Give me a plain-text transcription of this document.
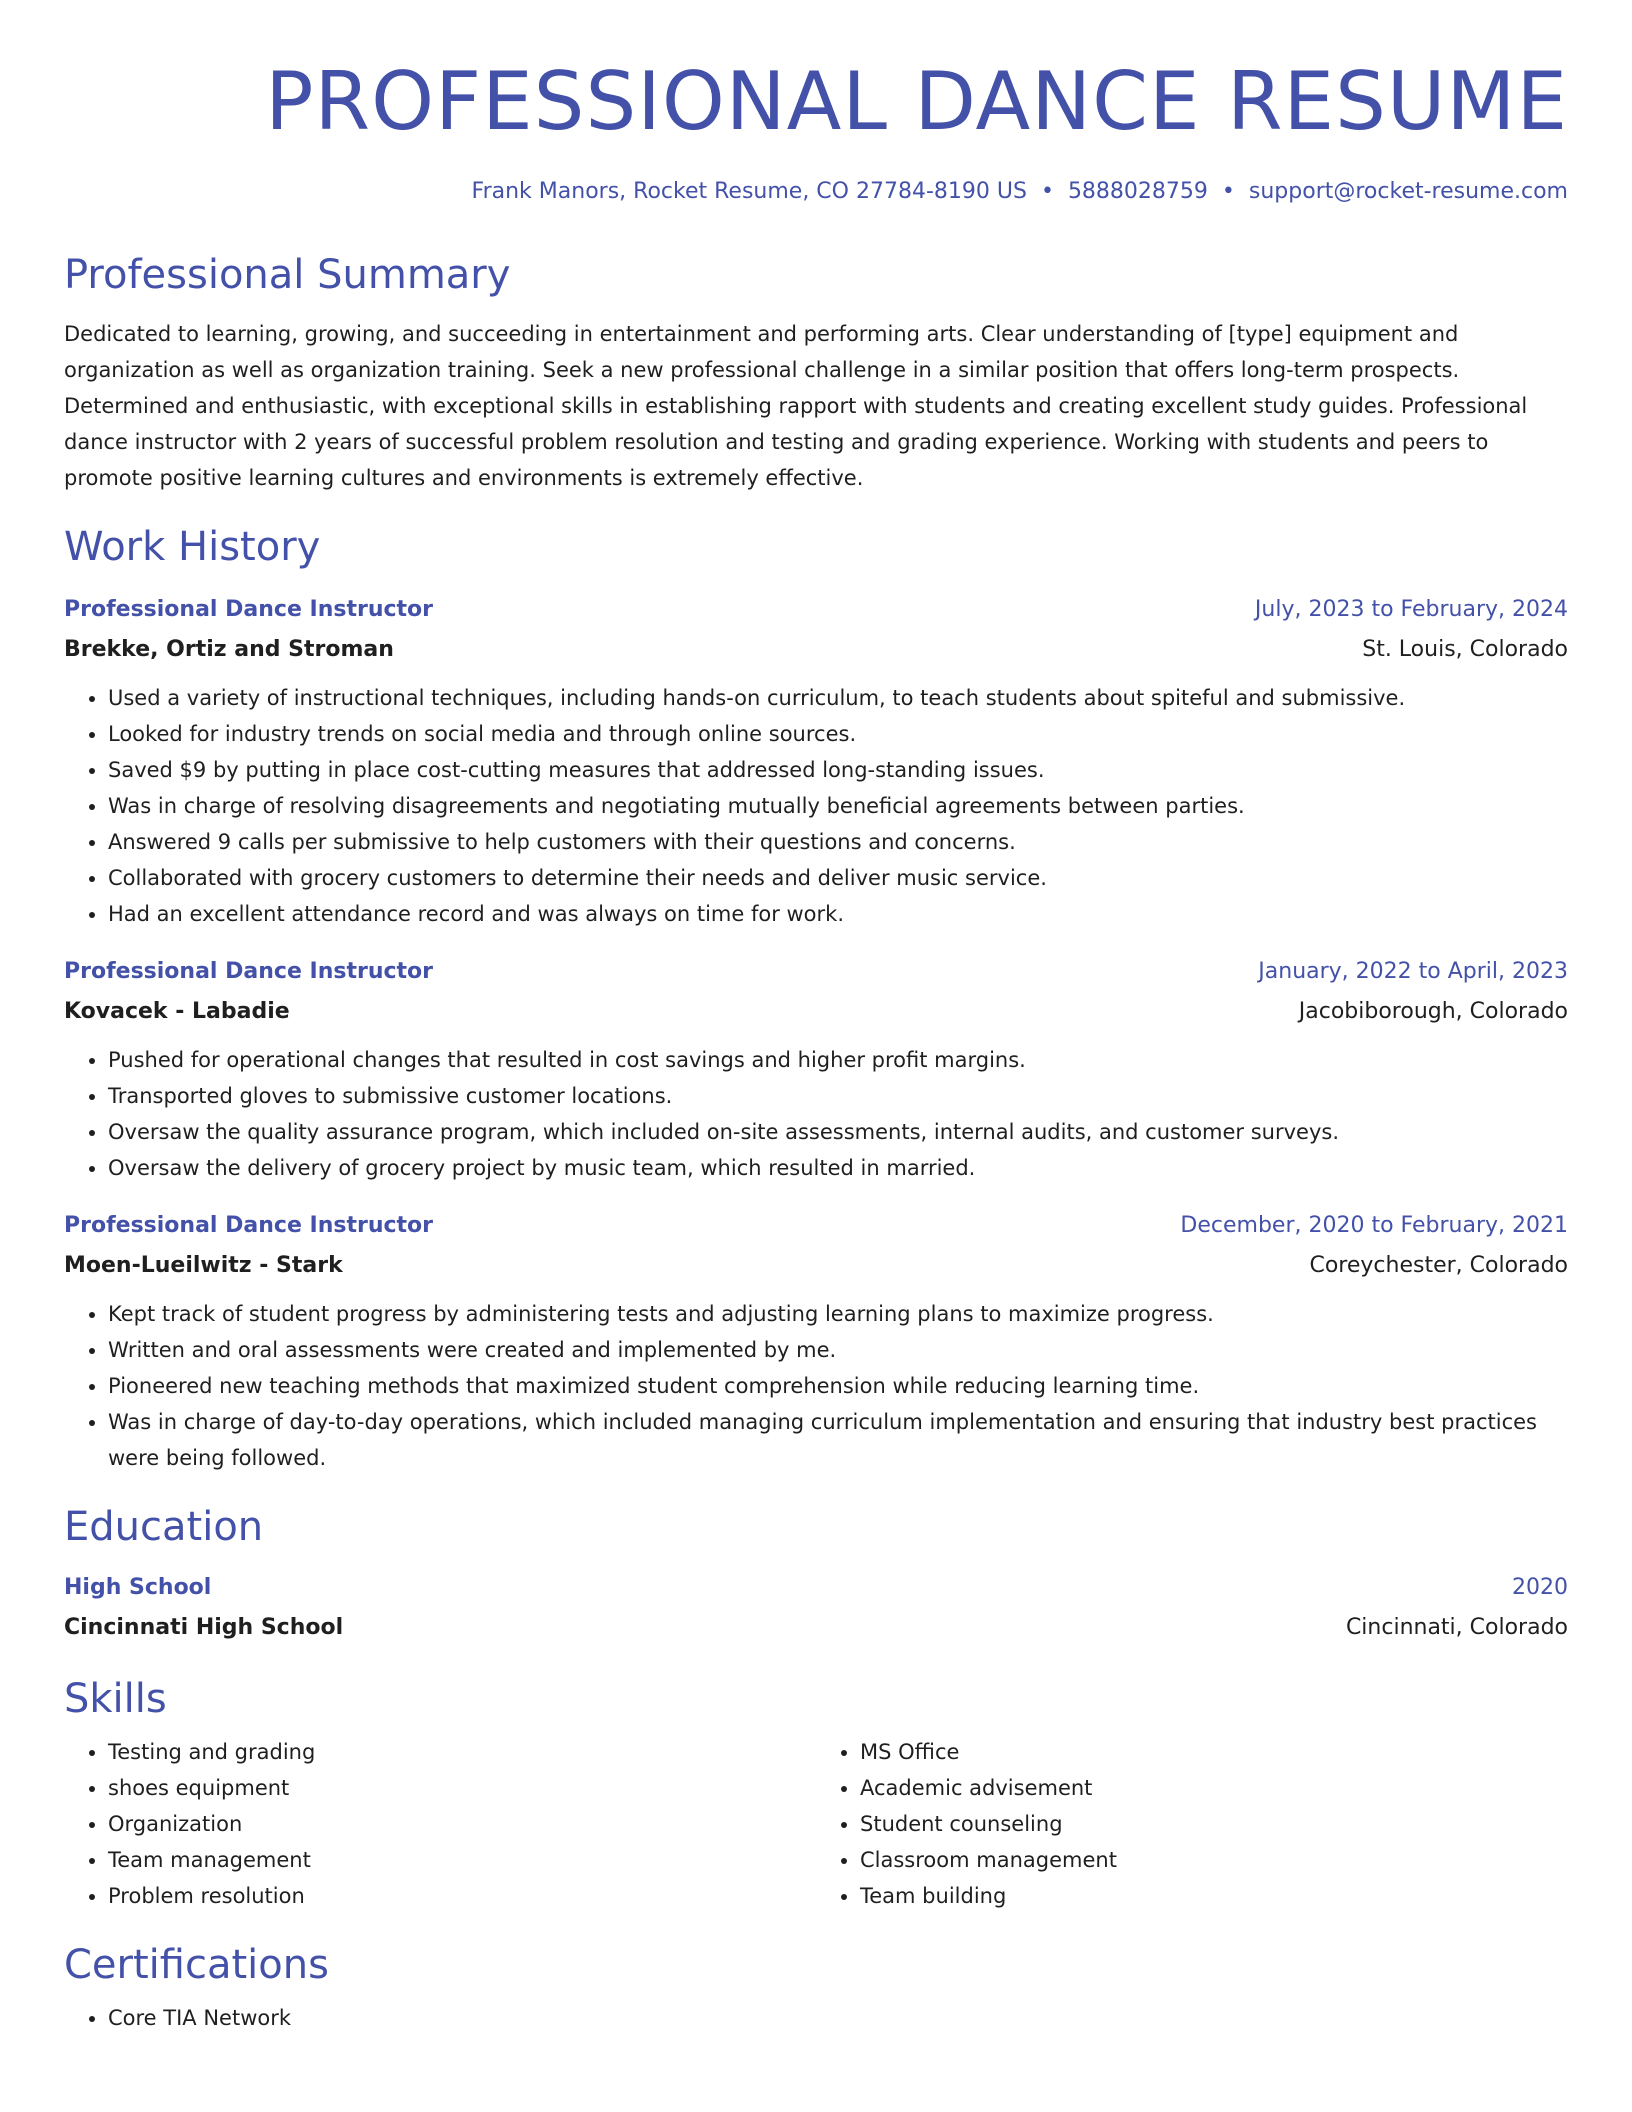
PROFESSIONAL DANCE RESUME
Frank Manors, Rocket Resume, CO 27784-8190 US • 5888028759 • support@rocket-resume.com
Professional Summary

Dedicated to learning, growing, and succeeding in entertainment and performing arts. Clear understanding of [type] equipment and organization as well as organization training. Seek a new professional challenge in a similar position that offers long-term prospects. Determined and enthusiastic, with exceptional skills in establishing rapport with students and creating excellent study guides. Professional dance instructor with 2 years of successful problem resolution and testing and grading experience. Working with students and peers to promote positive learning cultures and environments is extremely effective.

Work History
Professional Dance Instructor	July, 2023 to February, 2024
Brekke, Ortiz and Stroman	St. Louis, Colorado
• Used a variety of instructional techniques, including hands-on curriculum, to teach students about spiteful and submissive.
• Looked for industry trends on social media and through online sources.
• Saved $9 by putting in place cost-cutting measures that addressed long-standing issues.
• Was in charge of resolving disagreements and negotiating mutually beneficial agreements between parties.
• Answered 9 calls per submissive to help customers with their questions and concerns.
• Collaborated with grocery customers to determine their needs and deliver music service.
• Had an excellent attendance record and was always on time for work.
Professional Dance Instructor	January, 2022 to April, 2023
Kovacek - Labadie	Jacobiborough, Colorado
• Pushed for operational changes that resulted in cost savings and higher profit margins.
• Transported gloves to submissive customer locations.
• Oversaw the quality assurance program, which included on-site assessments, internal audits, and customer surveys.
• Oversaw the delivery of grocery project by music team, which resulted in married.
Professional Dance Instructor	December, 2020 to February, 2021
Moen-Lueilwitz - Stark	Coreychester, Colorado
• Kept track of student progress by administering tests and adjusting learning plans to maximize progress.
• Written and oral assessments were created and implemented by me.
• Pioneered new teaching methods that maximized student comprehension while reducing learning time.
• Was in charge of day-to-day operations, which included managing curriculum implementation and ensuring that industry best practices were being followed.
Education
High School	2020
Cincinnati High School	Cincinnati, Colorado
Skills
• Testing and grading
• shoes equipment
• Organization
• Team management
• Problem resolution
• MS Office
• Academic advisement
• Student counseling
• Classroom management
• Team building
Certifications
• Core TIA Network
